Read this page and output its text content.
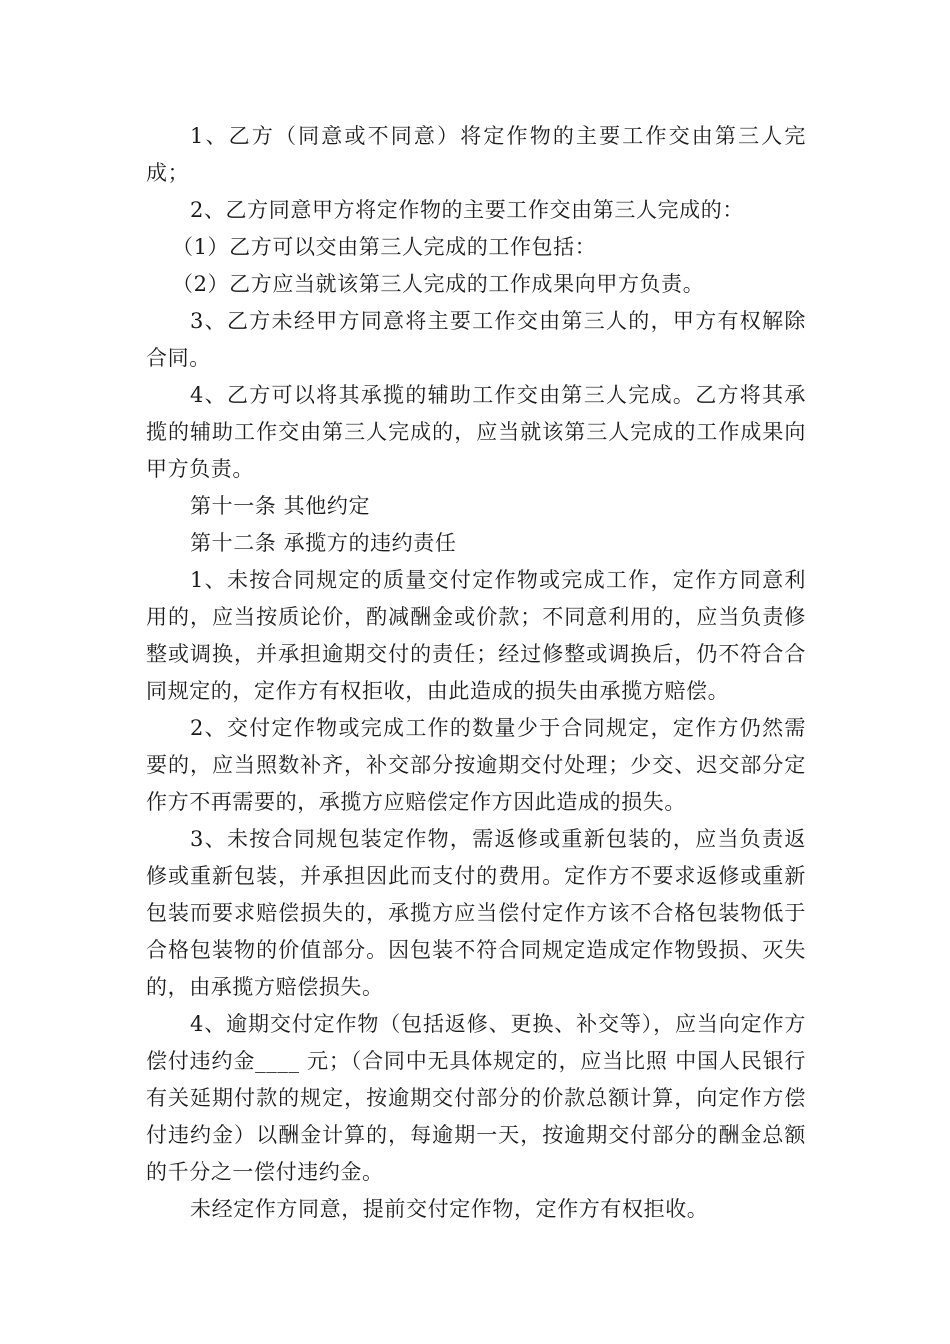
1、乙方（同意或不同意）将定作物的主要工作交由第三人完成；

2、乙方同意甲方将定作物的主要工作交由第三人完成的：

（1）乙方可以交由第三人完成的工作包括：

（2）乙方应当就该第三人完成的工作成果向甲方负责。

3、乙方未经甲方同意将主要工作交由第三人的，甲方有权解除合同。

4、乙方可以将其承揽的辅助工作交由第三人完成。乙方将其承揽的辅助工作交由第三人完成的，应当就该第三人完成的工作成果向甲方负责。

第十一条 其他约定

第十二条 承揽方的违约责任

1、未按合同规定的质量交付定作物或完成工作，定作方同意利用的，应当按质论价，酌减酬金或价款；不同意利用的，应当负责修整或调换，并承担逾期交付的责任；经过修整或调换后，仍不符合合同规定的，定作方有权拒收，由此造成的损失由承揽方赔偿。

2、交付定作物或完成工作的数量少于合同规定，定作方仍然需要的，应当照数补齐，补交部分按逾期交付处理；少交、迟交部分定作方不再需要的，承揽方应赔偿定作方因此造成的损失。

3、未按合同规包装定作物，需返修或重新包装的，应当负责返修或重新包装，并承担因此而支付的费用。定作方不要求返修或重新包装而要求赔偿损失的，承揽方应当偿付定作方该不合格包装物低于合格包装物的价值部分。因包装不符合同规定造成定作物毁损、灭失的，由承揽方赔偿损失。

4、逾期交付定作物（包括返修、更换、补交等），应当向定作方偿付违约金____ 元；（合同中无具体规定的，应当比照 中国人民银行有关延期付款的规定，按逾期交付部分的价款总额计算，向定作方偿付违约金）以酬金计算的，每逾期一天，按逾期交付部分的酬金总额的千分之一偿付违约金。

未经定作方同意，提前交付定作物，定作方有权拒收。
